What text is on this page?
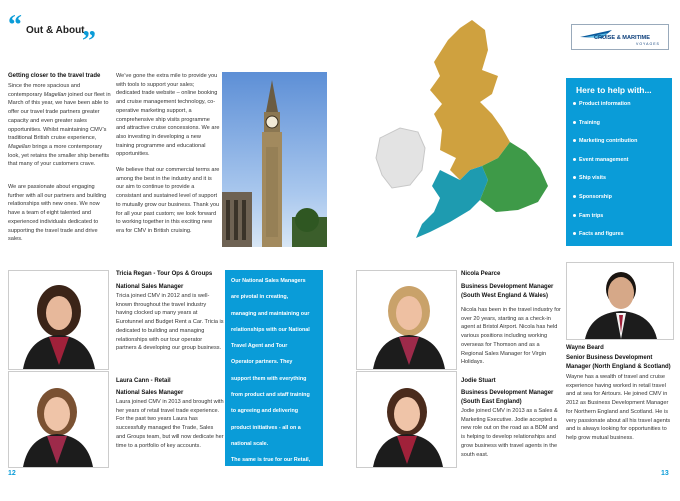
“ Out & About
”	CRUISE & MARITIME
VOYAGES
Getting closer to the travel trade
Since the more spacious and contemporary Magellan joined our fleet in March of this year, we have been able to offer our travel trade partners greater capacity and even greater sales opportunities. Whilst maintaining CMV’s traditional British cruise experience, Magellan brings a more contemporary look, yet retains the smaller ship benefits that many of your customers crave.
We are passionate about engaging further with all our partners and building relationships with new ones. We now have a team of eight talented and experienced individuals dedicated to supporting the travel trade and drive sales.
We’ve gone the extra mile to provide you with tools to support your sales; dedicated trade website – online booking and cruise management technology, co-operative marketing support, a comprehensive ship visits programme and attractive cruise concessions. We are also investing in developing a new training programme and educational opportunities.
We believe that our commercial terms are among the best in the industry and it is our aim to continue to provide a consistant and sustained level of support to mutually grow our business. Thank you for all your past custom; we look forward to working together in this exciting new era for CMV in British cruising.
Here to help with...
Product information
Training
Marketing contribution
Event management
Ship visits
Sponsorship
Fam trips
Facts and figures
Store visits
Tricia Regan - Tour Ops & Groups
National Sales Manager
Tricia joined CMV in 2012 and is well-known throughout the travel industry having clocked up many years at Eurotunnel and Budget Rent a Car. Tricia is dedicated to building and managing relationships with our tour operator partners & developing our group business.
Laura Cann - Retail
National Sales Manager
Laura joined CMV in 2013 and brought with her years of retail travel trade experience. For the past two years Laura has successfully managed the Trade, Sales and Groups team, but will now dedicate her time to a portfolio of key accounts.
Our National Sales Managers
are pivotal in creating,
managing and maintaining our
relationships with our National
Travel Agent and Tour
Operator partners. They
support them with everything
from product and staff training
to agreeing and delivering
product initiatives - all on a
national scale.
The same is true for our Retail,
promotional and General Sales
Agency partners.
Nicola Pearce
Business Development Manager (South West England & Wales)
Nicola has been in the travel industry for over 20 years, starting as a check-in agent at Bristol Airport. Nicola has held various positions including working overseas for Thomson and as a Regional Sales Manager for Virgin Holidays.
Jodie Stuart
Business Development Manager (South East England)
Jodie joined CMV in 2013 as a Sales & Marketing Executive. Jodie accepted a new role out on the road as a BDM and is helping to develop relationships and grow business with travel agents in the south east.
Wayne Beard
Senior Business Development Manager (North England & Scotland)
Wayne has a wealth of travel and cruise experience having worked in retail travel and at sea for Airtours. He joined CMV in 2012 as Business Development Manager for Northern England and Scotland. He is very passionate about all his travel agents and is always looking for opportunities to help grow mutual business.
12	13
